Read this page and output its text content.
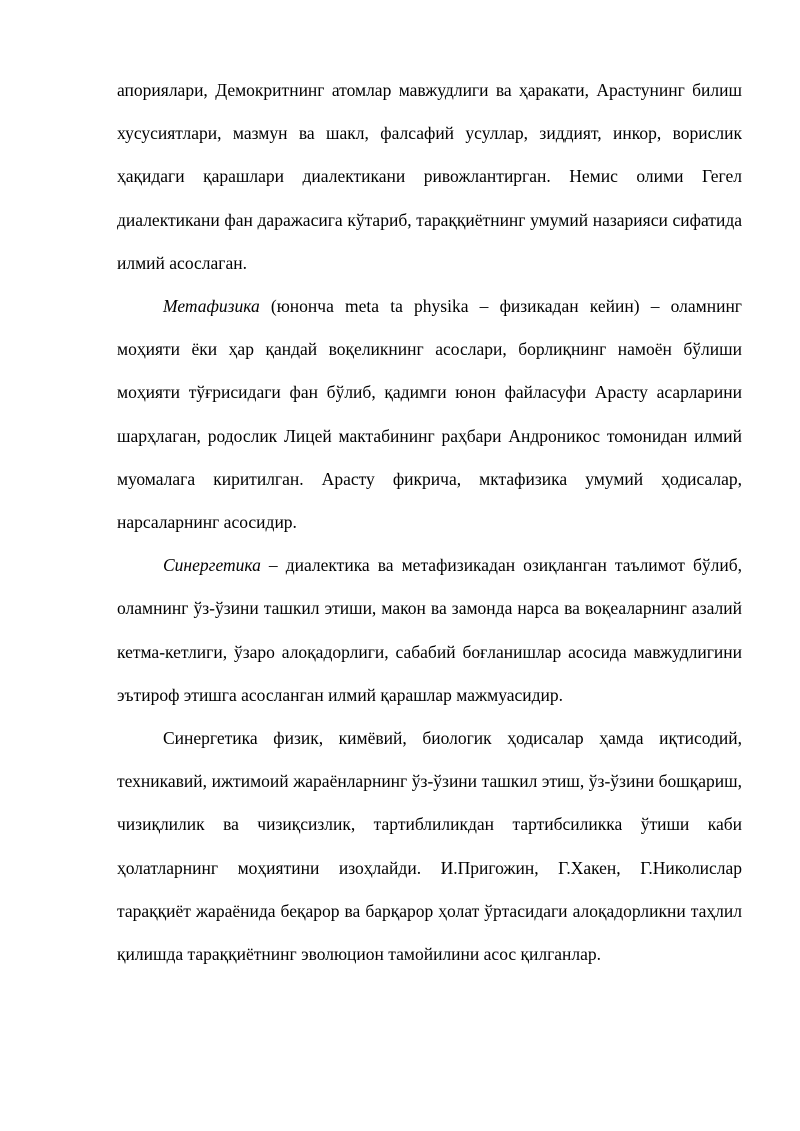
апориялари, Демокритнинг атомлар мавжудлиги ва ҳаракати, Арастунинг билиш хусусиятлари, мазмун ва шакл, фалсафий усуллар, зиддият, инкор, ворислик ҳақидаги қарашлари диалектикани ривожлантирган. Немис олими Гегел диалектикани фан даражасига кўтариб, тараққиётнинг умумий назарияси сифатида илмий асослаган.

Метафизика (юнонча meta ta physika – физикадан кейин) – оламнинг моҳияти ёки ҳар қандай воқеликнинг асослари, борлиқнинг намоён бўлиши моҳияти тўғрисидаги фан бўлиб, қадимги юнон файласуфи Арасту асарларини шарҳлаган, родослик Лицей мактабининг раҳбари Андроникос томонидан илмий муомалага киритилган. Арасту фикрича, мктафизика умумий ҳодисалар, нарсаларнинг асосидир.

Синергетика – диалектика ва метафизикадан озиқланган таълимот бўлиб, оламнинг ўз-ўзини ташкил этиши, макон ва замонда нарса ва воқеаларнинг азалий кетма-кетлиги, ўзаро алоқадорлиги, сабабий боғланишлар асосида мавжудлигини эътироф этишга асосланган илмий қарашлар мажмуасидир.

Синергетика физик, кимёвий, биологик ҳодисалар ҳамда иқтисодий, техникавий, ижтимоий жараёнларнинг ўз-ўзини ташкил этиш, ўз-ўзини бошқариш, чизиқлилик ва чизиқсизлик, тартиблиликдан тартибсиликка ўтиши каби ҳолатларнинг моҳиятини изоҳлайди. И.Пригожин, Г.Хакен, Г.Николислар тараққиёт жараёнида беқарор ва барқарор ҳолат ўртасидаги алоқадорликни таҳлил қилишда тараққиётнинг эволюцион тамойилини асос қилганлар.
